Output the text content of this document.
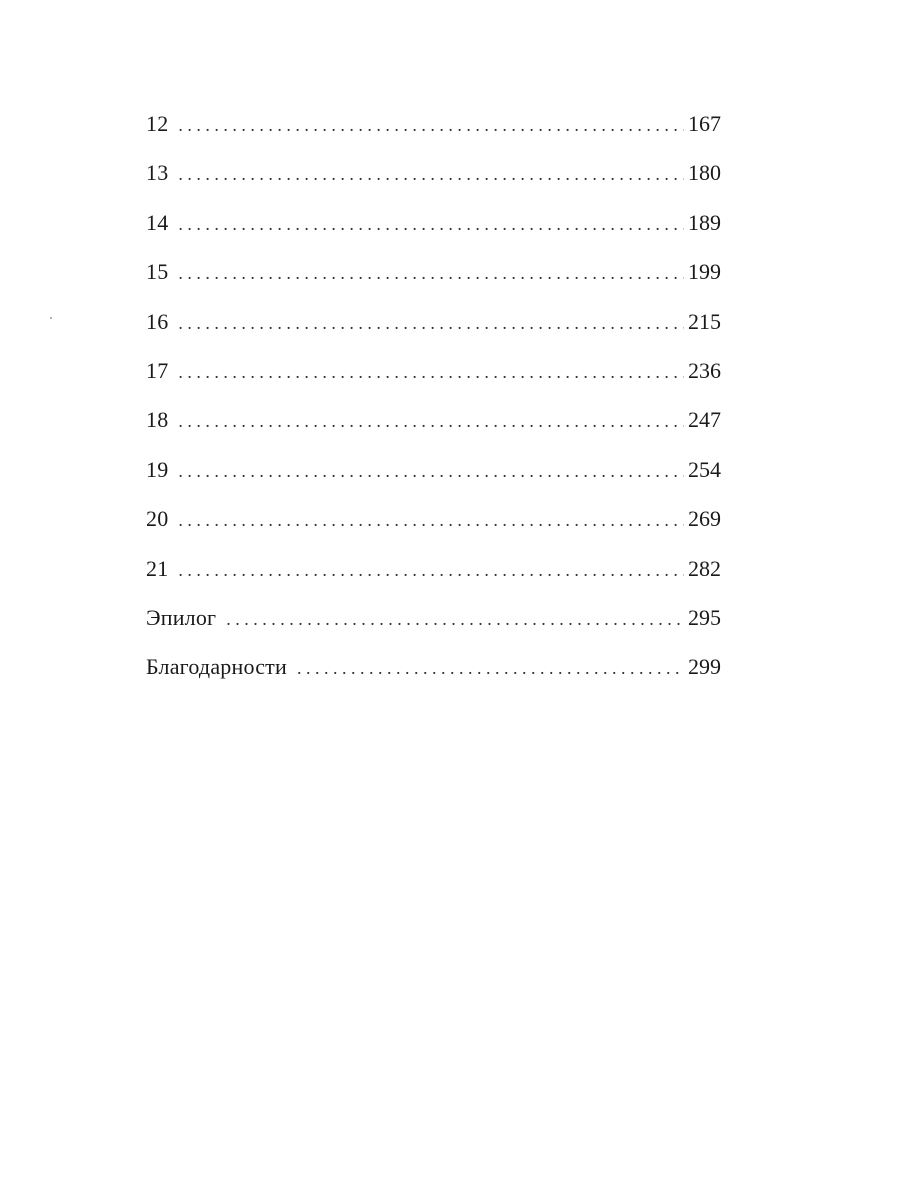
12 . . .	167
13 . . .	180
14 . . .	189
15 . . .	199
16 . . .	215
17 . . .	236
18 . . .	247
19 . . .	254
20 . . .	269
21 . . .	282
Эпилог . . .	295
Благодарности . . .	299
